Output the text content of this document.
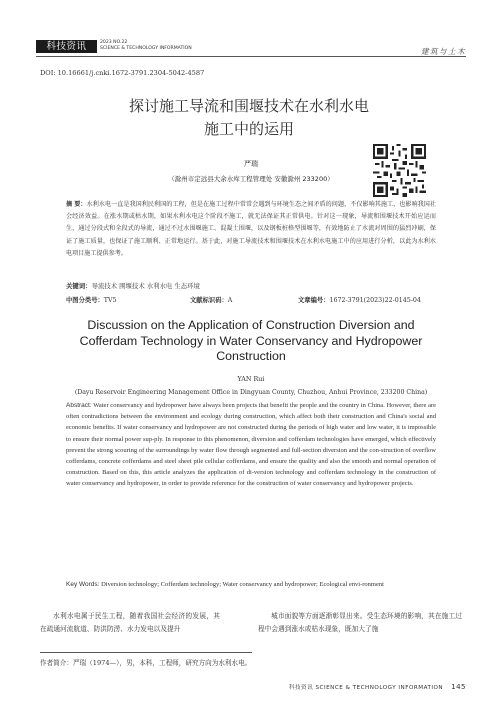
科技资讯	2023 NO.22
SCIENCE & TECHNOLOGY INFORMATION	建筑与土木
DOI: 10.16661/j.cnki.1672-3791.2304-5042-4587
探讨施工导流和围堰技术在水利水电
施工中的运用
严瑞
（滁州市定远县大余水库工程管理处 安徽滁州 233200）
摘 要：水利水电一直是我国利民利国的工程，但是在施工过程中常常会遇到与环境生态之间矛盾的问题，不仅影响其施工，也影响我国社会经济效益。在涨水期或枯水期，如果水利水电这个阶段不施工，就无法保证其正常供电。针对这一现象，导流和围堰技术开始应运而生，通过分段式和全段式的导流，通过不过水围堰施工、混凝土围堰，以及钢板桩格型围堰等，有效地防止了水流对周围的猛烈冲刷，保证了施工质量，也保证了施工顺利、正常地运行。基于此，对施工导流技术和围堰技术在水利水电施工中的应用进行分析，以此为水利水电项目施工提供参考。
关键词：导流技术 围堰技术 水利水电 生态环境
中图分类号：TV5	文献标识码：A	文章编号：1672-3791(2023)22-0145-04
Discussion on the Application of Construction Diversion and
Cofferdam Technology in Water Conservancy and Hydropower
Construction
YAN Rui
(Dayu Reservoir Engineering Management Office in Dingyuan County, Chuzhou, Anhui Province, 233200 China)
Abstract: Water conservancy and hydropower have always been projects that benefit the people and the country in China. However, there are often contradictions between the environment and ecology during construction, which affect both their construction and China's social and economic benefits. If water conservancy and hydropower are not constructed during the periods of high water and low water, it is impossible to ensure their normal power sup-ply. In response to this phenomenon, diversion and cofferdam technologies have emerged, which effectively prevent the strong scouring of the surroundings by water flow through segmented and full-section diversion and the con-struction of overflow cofferdams, concrete cofferdams and steel sheet pile cellular cofferdams, and ensure the quality and also the smooth and normal operation of construction. Based on this, this article analyzes the application of di-version technology and cofferdam technology in the construction of water conservancy and hydropower, in order to provide reference for the construction of water conservancy and hydropower projects.
Key Words: Diversion technology; Cofferdam technology; Water conservancy and hydropower; Ecological envi-ronment
水利水电属于民生工程，随着我国社会经济的发展，其在疏通河流航道、防洪防涝、水力发电以及提升
城市面貌等方面逐渐彰显出来。受生态环境的影响，其在施工过程中会遇到涨水或枯水现象，既加大了施
作者简介：严瑞（1974—），男，本科，工程师，研究方向为水利水电。
科技资讯 SCIENCE & TECHNOLOGY INFORMATION 145
